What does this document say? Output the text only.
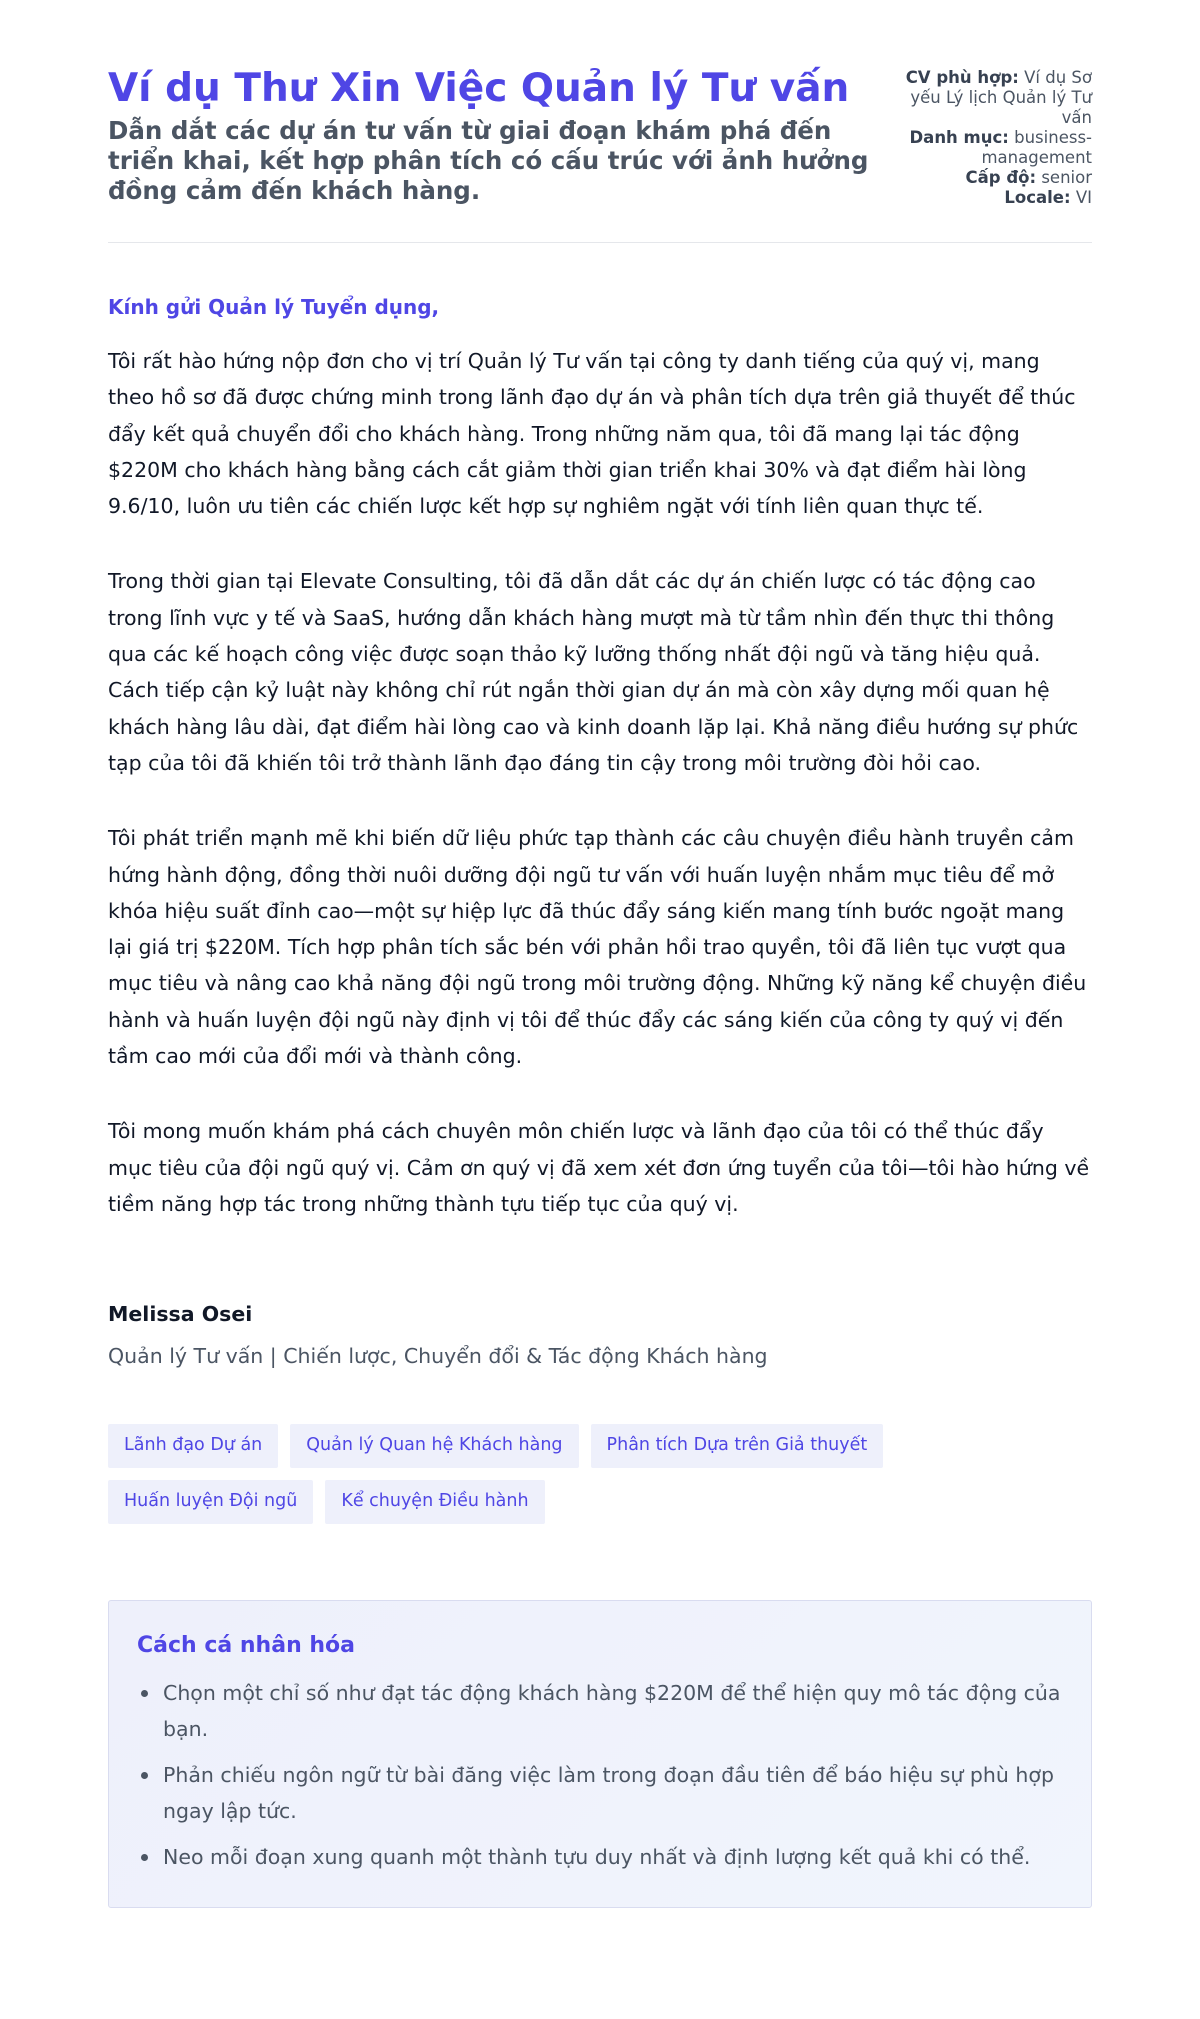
Ví dụ Thư Xin Việc Quản lý Tư vấn

Dẫn dắt các dự án tư vấn từ giai đoạn khám phá đến triển khai, kết hợp phân tích có cấu trúc với ảnh hưởng đồng cảm đến khách hàng.

CV phù hợp: Ví dụ Sơ yếu Lý lịch Quản lý Tư vấn
Danh mục: business-management
Cấp độ: senior
Locale: VI

Kính gửi Quản lý Tuyển dụng,

Tôi rất hào hứng nộp đơn cho vị trí Quản lý Tư vấn tại công ty danh tiếng của quý vị, mang theo hồ sơ đã được chứng minh trong lãnh đạo dự án và phân tích dựa trên giả thuyết để thúc đẩy kết quả chuyển đổi cho khách hàng. Trong những năm qua, tôi đã mang lại tác động $220M cho khách hàng bằng cách cắt giảm thời gian triển khai 30% và đạt điểm hài lòng 9.6/10, luôn ưu tiên các chiến lược kết hợp sự nghiêm ngặt với tính liên quan thực tế.

Trong thời gian tại Elevate Consulting, tôi đã dẫn dắt các dự án chiến lược có tác động cao trong lĩnh vực y tế và SaaS, hướng dẫn khách hàng mượt mà từ tầm nhìn đến thực thi thông qua các kế hoạch công việc được soạn thảo kỹ lưỡng thống nhất đội ngũ và tăng hiệu quả. Cách tiếp cận kỷ luật này không chỉ rút ngắn thời gian dự án mà còn xây dựng mối quan hệ khách hàng lâu dài, đạt điểm hài lòng cao và kinh doanh lặp lại. Khả năng điều hướng sự phức tạp của tôi đã khiến tôi trở thành lãnh đạo đáng tin cậy trong môi trường đòi hỏi cao.

Tôi phát triển mạnh mẽ khi biến dữ liệu phức tạp thành các câu chuyện điều hành truyền cảm hứng hành động, đồng thời nuôi dưỡng đội ngũ tư vấn với huấn luyện nhắm mục tiêu để mở khóa hiệu suất đỉnh cao—một sự hiệp lực đã thúc đẩy sáng kiến mang tính bước ngoặt mang lại giá trị $220M. Tích hợp phân tích sắc bén với phản hồi trao quyền, tôi đã liên tục vượt qua mục tiêu và nâng cao khả năng đội ngũ trong môi trường động. Những kỹ năng kể chuyện điều hành và huấn luyện đội ngũ này định vị tôi để thúc đẩy các sáng kiến của công ty quý vị đến tầm cao mới của đổi mới và thành công.

Tôi mong muốn khám phá cách chuyên môn chiến lược và lãnh đạo của tôi có thể thúc đẩy mục tiêu của đội ngũ quý vị. Cảm ơn quý vị đã xem xét đơn ứng tuyển của tôi—tôi hào hứng về tiềm năng hợp tác trong những thành tựu tiếp tục của quý vị.

Melissa Osei
Quản lý Tư vấn | Chiến lược, Chuyển đổi & Tác động Khách hàng
Lãnh đạo Dự án	Quản lý Quan hệ Khách hàng	Phân tích Dựa trên Giả thuyết
Huấn luyện Đội ngũ	Kể chuyện Điều hành
Cách cá nhân hóa
Chọn một chỉ số như đạt tác động khách hàng $220M để thể hiện quy mô tác động của bạn.
Phản chiếu ngôn ngữ từ bài đăng việc làm trong đoạn đầu tiên để báo hiệu sự phù hợp ngay lập tức.
Neo mỗi đoạn xung quanh một thành tựu duy nhất và định lượng kết quả khi có thể.
